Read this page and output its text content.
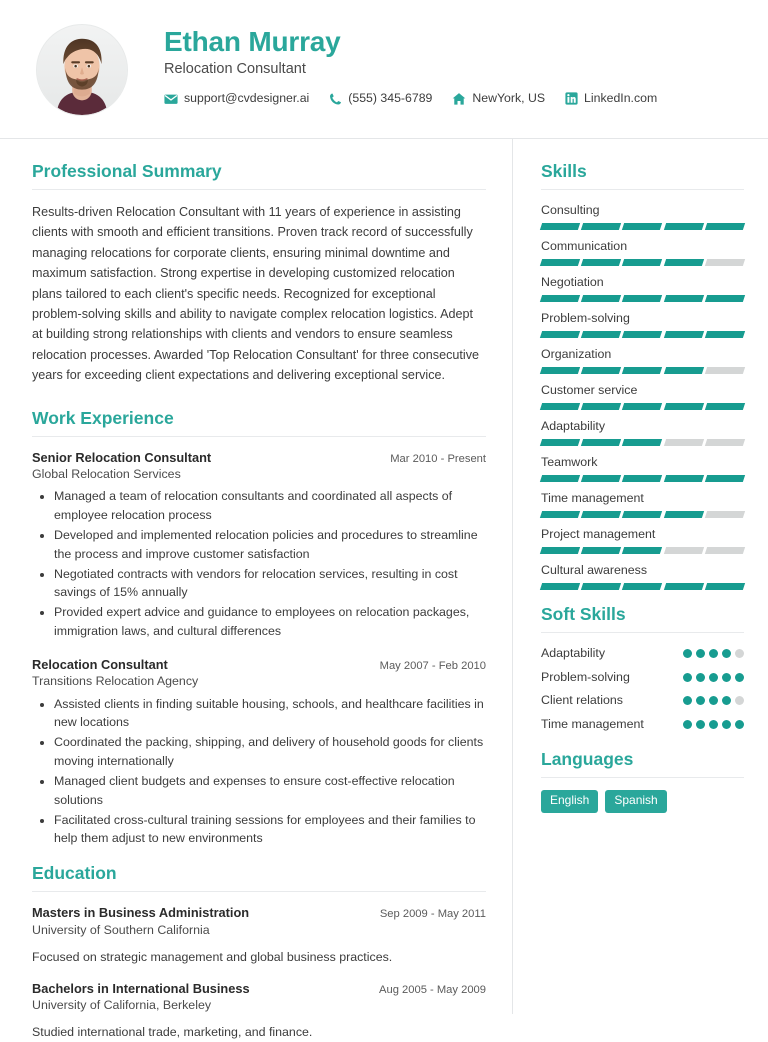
Ethan Murray
Relocation Consultant
support@cvdesigner.ai	(555) 345-6789	NewYork, US	LinkedIn.com
Professional Summary

Results-driven Relocation Consultant with 11 years of experience in assisting clients with smooth and efficient transitions. Proven track record of successfully managing relocations for corporate clients, ensuring minimal downtime and maximum satisfaction. Strong expertise in developing customized relocation plans tailored to each client's specific needs. Recognized for exceptional problem-solving skills and ability to navigate complex relocation logistics. Adept at building strong relationships with clients and vendors to ensure seamless relocation processes. Awarded 'Top Relocation Consultant' for three consecutive years for exceeding client expectations and delivering exceptional service.

Work Experience
Senior Relocation Consultant	Mar 2010 - Present
Global Relocation Services
• Managed a team of relocation consultants and coordinated all aspects of employee relocation process
• Developed and implemented relocation policies and procedures to streamline the process and improve customer satisfaction
• Negotiated contracts with vendors for relocation services, resulting in cost savings of 15% annually
• Provided expert advice and guidance to employees on relocation packages, immigration laws, and cultural differences
Relocation Consultant	May 2007 - Feb 2010
Transitions Relocation Agency
• Assisted clients in finding suitable housing, schools, and healthcare facilities in new locations
• Coordinated the packing, shipping, and delivery of household goods for clients moving internationally
• Managed client budgets and expenses to ensure cost-effective relocation solutions
• Facilitated cross-cultural training sessions for employees and their families to help them adjust to new environments
Education
Masters in Business Administration	Sep 2009 - May 2011
University of Southern California

Focused on strategic management and global business practices.

Bachelors in International Business	Aug 2005 - May 2009
University of California, Berkeley

Studied international trade, marketing, and finance.

Skills
Consulting
Communication
Negotiation
Problem-solving
Organization
Customer service
Adaptability
Teamwork
Time management
Project management
Cultural awareness
Soft Skills
Adaptability
Problem-solving
Client relations
Time management
Languages
English	Spanish
